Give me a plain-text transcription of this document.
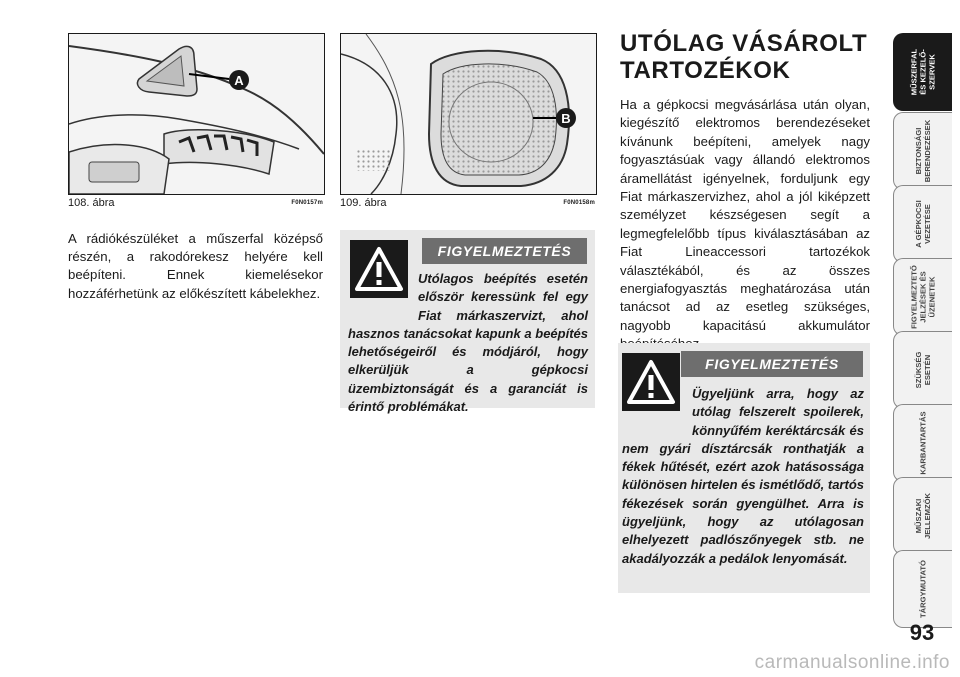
A
108. ábra	F0N0157m
B
109. ábra	F0N0158m

A rádiókészüléket a műszerfal középső részén, a rakodórekesz helyére kell beépíteni. Ennek kiemelésekor hozzáférhetünk az előkészített kábelekhez.

FIGYELMEZTETÉS

Utólagos beépítés esetén először keressünk fel egy Fiat márkaszervizt, ahol hasznos tanácsokat kapunk a beépítés lehetőségeiről és módjáról, hogy elkerüljük a gépkocsi üzembiztonságát és a garanciát is érintő problémákat.

UTÓLAG VÁSÁROLT
TARTOZÉKOK

Ha a gépkocsi megvásárlása után olyan, kiegészítő elektromos berendezéseket kívánunk beépíteni, amelyek nagy fogyasztásúak vagy állandó elektromos áramellátást igényelnek, forduljunk egy Fiat márkaszervizhez, ahol a jól kiképzett személyzet készségesen segít a legmegfelelőbb típus kiválasztásában az Fiat Lineaccessori tartozékok választékából, és az összes energiafogyasztás meghatározása után tanácsot ad az esetleg szükséges, nagyobb kapacitású akkumulátor

FIGYELMEZTETÉS

Ügyeljünk arra, hogy az utólag felszerelt spoilerek, könnyűfém keréktárcsák és nem gyári dísztárcsák ronthatják a fékek hűtését, ezért azok hatásossága különösen hirtelen és ismétlődő, tartós fékezések során gyengülhet. Arra is ügyeljünk, hogy az utólagosan elhelyezett padlószőnyegek stb. ne akadályozzák a pedálok lenyomását.

MŰSZERFAL
ÉS KEZELŐ-
SZERVEK
BIZTONSÁGI
BERENDEZÉSEK
A GÉPKOCSI
VEZETÉSE
FIGYELMEZTETŐ
JELZÉSEK ÉS
ÜZENETEK
SZÜKSÉG
ESETÉN
KARBANTARTÁS
MŰSZAKI
JELLEMZŐK
TÁRGYMUTATÓ
93
carmanualsonline.info
